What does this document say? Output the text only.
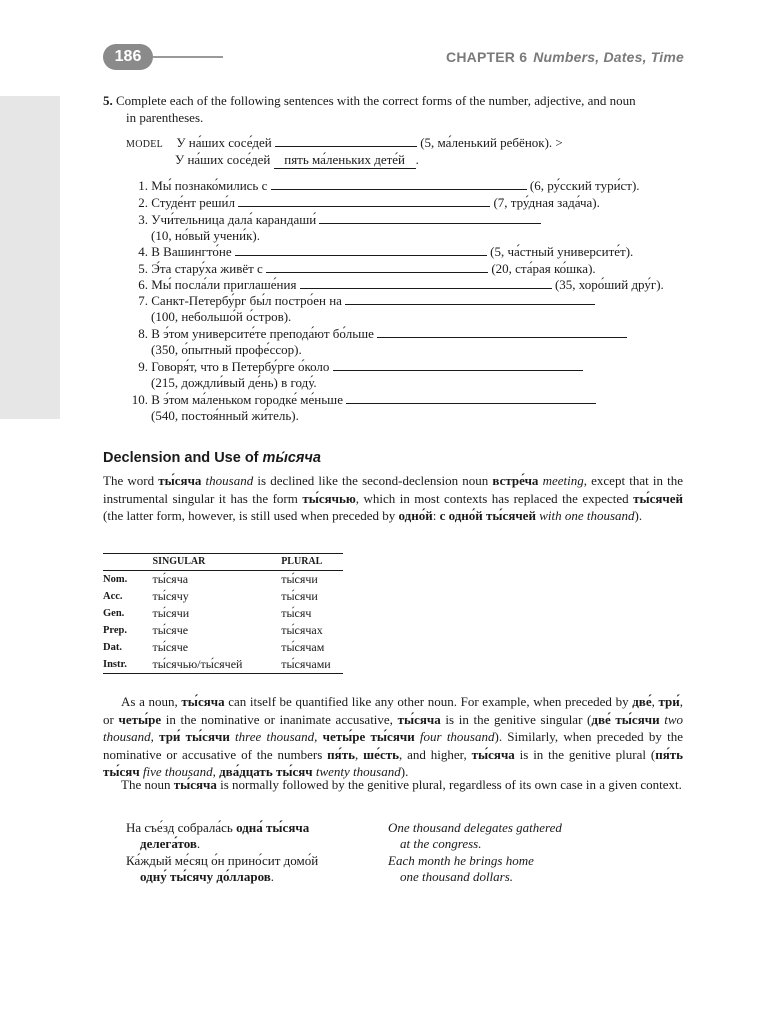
186	CHAPTER 6 Numbers, Dates, Time
5. Complete each of the following sentences with the correct forms of the number, adjective, and noun
in parentheses.
MODEL У на́ших сосе́дей	(5, ма́ленький ребёнок). >
У на́ших сосе́дей пять ма́леньких дете́й .
1. Мы́ познако́мились с	(6, ру́сский тури́ст).
2. Студе́нт реши́л	(7, тру́дная зада́ча).
3. Учи́тельница дала́ карандаши́
(10, но́вый учени́к).
4. В Вашингто́не	(5, ча́стный университе́т).
5. Э́та стару́ха живёт с	(20, ста́рая ко́шка).
6. Мы́ посла́ли приглаше́ния	(35, хоро́ший дру́г).
7. Санкт-Петербу́рг бы́л постро́ен на
(100, небольшо́й о́стров).
8. В э́том университе́те препода́ют бо́льше
(350, о́пытный профе́ссор).
9. Говоря́т, что в Петербу́рге о́коло
(215, дождли́вый де́нь) в году́.
10. В э́том ма́леньком городке́ ме́ньше
(540, постоя́нный жи́тель).
Declension and Use of ты́сяча
The word ты́сяча thousand is declined like the second-declension noun встре́ча meeting, except that in the instrumental singular it has the form ты́сячью, which in most contexts has replaced the expected ты́сячей (the latter form, however, is still used when preceded by одно́й: с одно́й ты́сячей with one thousand).
	SINGULAR	PLURAL
Nom.	ты́сяча	ты́сячи
Acc.	ты́сячу	ты́сячи
Gen.	ты́сячи	ты́сяч
Prep.	ты́сяче	ты́сячах
Dat.	ты́сяче	ты́сячам
Instr.	ты́сячью/ты́сячей	ты́сячами
As a noun, ты́сяча can itself be quantified like any other noun. For example, when preceded by две́, три́, or четы́ре in the nominative or inanimate accusative, ты́сяча is in the genitive singular (две́ ты́сячи two thousand, три́ ты́сячи three thousand, четы́ре ты́сячи four thousand). Similarly, when preceded by the nominative or accusative of the numbers пя́ть, ше́сть, and higher, ты́сяча is in the genitive plural (пя́ть ты́сяч five thousand, два́дцать ты́сяч twenty thousand).
The noun ты́сяча is normally followed by the genitive plural, regardless of its own case in a given context.
На съе́зд собрала́сь одна́ ты́сяча
делега́тов.
One thousand delegates gathered
at the congress.
Ка́ждый ме́сяц о́н прино́сит домо́й
одну́ ты́сячу до́лларов.
Each month he brings home
one thousand dollars.
